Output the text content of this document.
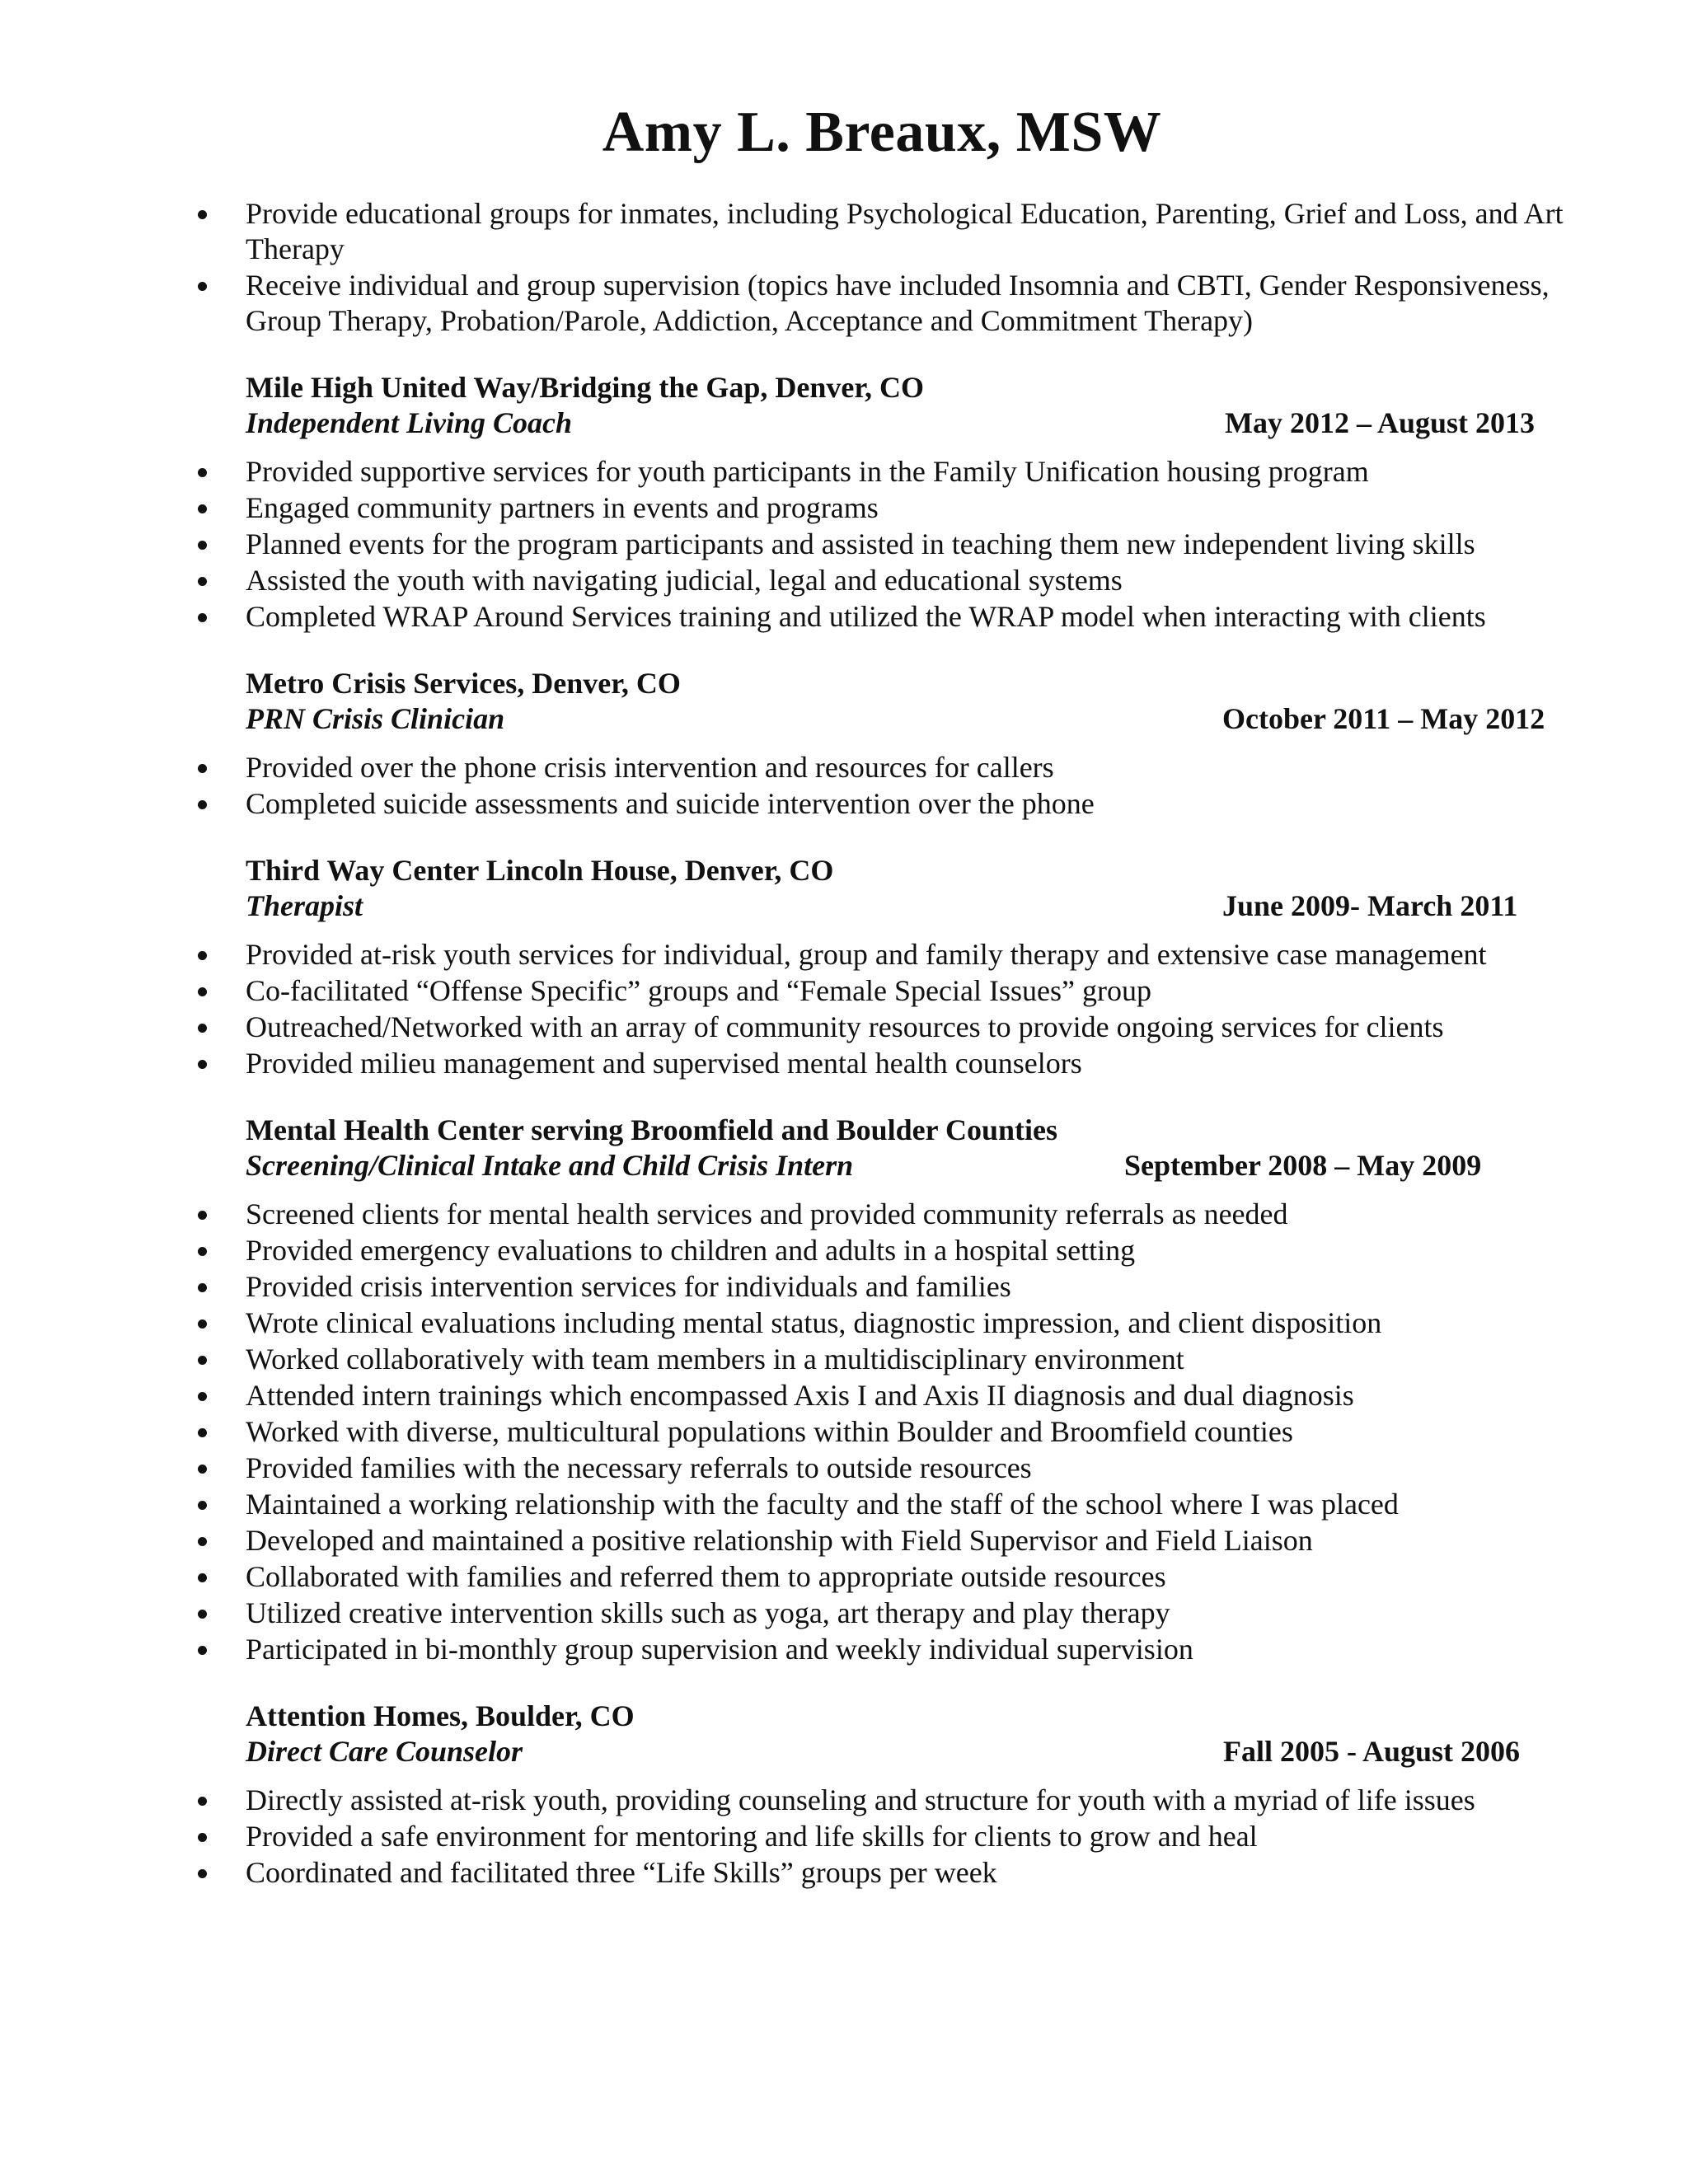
Amy L. Breaux, MSW
Provide educational groups for inmates, including Psychological Education, Parenting, Grief and Loss, and Art Therapy
Receive individual and group supervision (topics have included Insomnia and CBTI, Gender Responsiveness, Group Therapy, Probation/Parole, Addiction, Acceptance and Commitment Therapy)
Mile High United Way/Bridging the Gap, Denver, CO
Independent Living Coach	May 2012 – August 2013
Provided supportive services for youth participants in the Family Unification housing program
Engaged community partners in events and programs
Planned events for the program participants and assisted in teaching them new independent living skills
Assisted the youth with navigating judicial, legal and educational systems
Completed WRAP Around Services training and utilized the WRAP model when interacting with clients
Metro Crisis Services, Denver, CO
PRN Crisis Clinician	October 2011 – May 2012
Provided over the phone crisis intervention and resources for callers
Completed suicide assessments and suicide intervention over the phone
Third Way Center Lincoln House, Denver, CO
Therapist	June 2009- March 2011
Provided at-risk youth services for individual, group and family therapy and extensive case management
Co-facilitated “Offense Specific” groups and “Female Special Issues” group
Outreached/Networked with an array of community resources to provide ongoing services for clients
Provided milieu management and supervised mental health counselors
Mental Health Center serving Broomfield and Boulder Counties
Screening/Clinical Intake and Child Crisis Intern	September 2008 – May 2009
Screened clients for mental health services and provided community referrals as needed
Provided emergency evaluations to children and adults in a hospital setting
Provided crisis intervention services for individuals and families
Wrote clinical evaluations including mental status, diagnostic impression, and client disposition
Worked collaboratively with team members in a multidisciplinary environment
Attended intern trainings which encompassed Axis I and Axis II diagnosis and dual diagnosis
Worked with diverse, multicultural populations within Boulder and Broomfield counties
Provided families with the necessary referrals to outside resources
Maintained a working relationship with the faculty and the staff of the school where I was placed
Developed and maintained a positive relationship with Field Supervisor and Field Liaison
Collaborated with families and referred them to appropriate outside resources
Utilized creative intervention skills such as yoga, art therapy and play therapy
Participated in bi-monthly group supervision and weekly individual supervision
Attention Homes, Boulder, CO
Direct Care Counselor	Fall 2005 - August 2006
Directly assisted at-risk youth, providing counseling and structure for youth with a myriad of life issues
Provided a safe environment for mentoring and life skills for clients to grow and heal
Coordinated and facilitated three “Life Skills” groups per week
